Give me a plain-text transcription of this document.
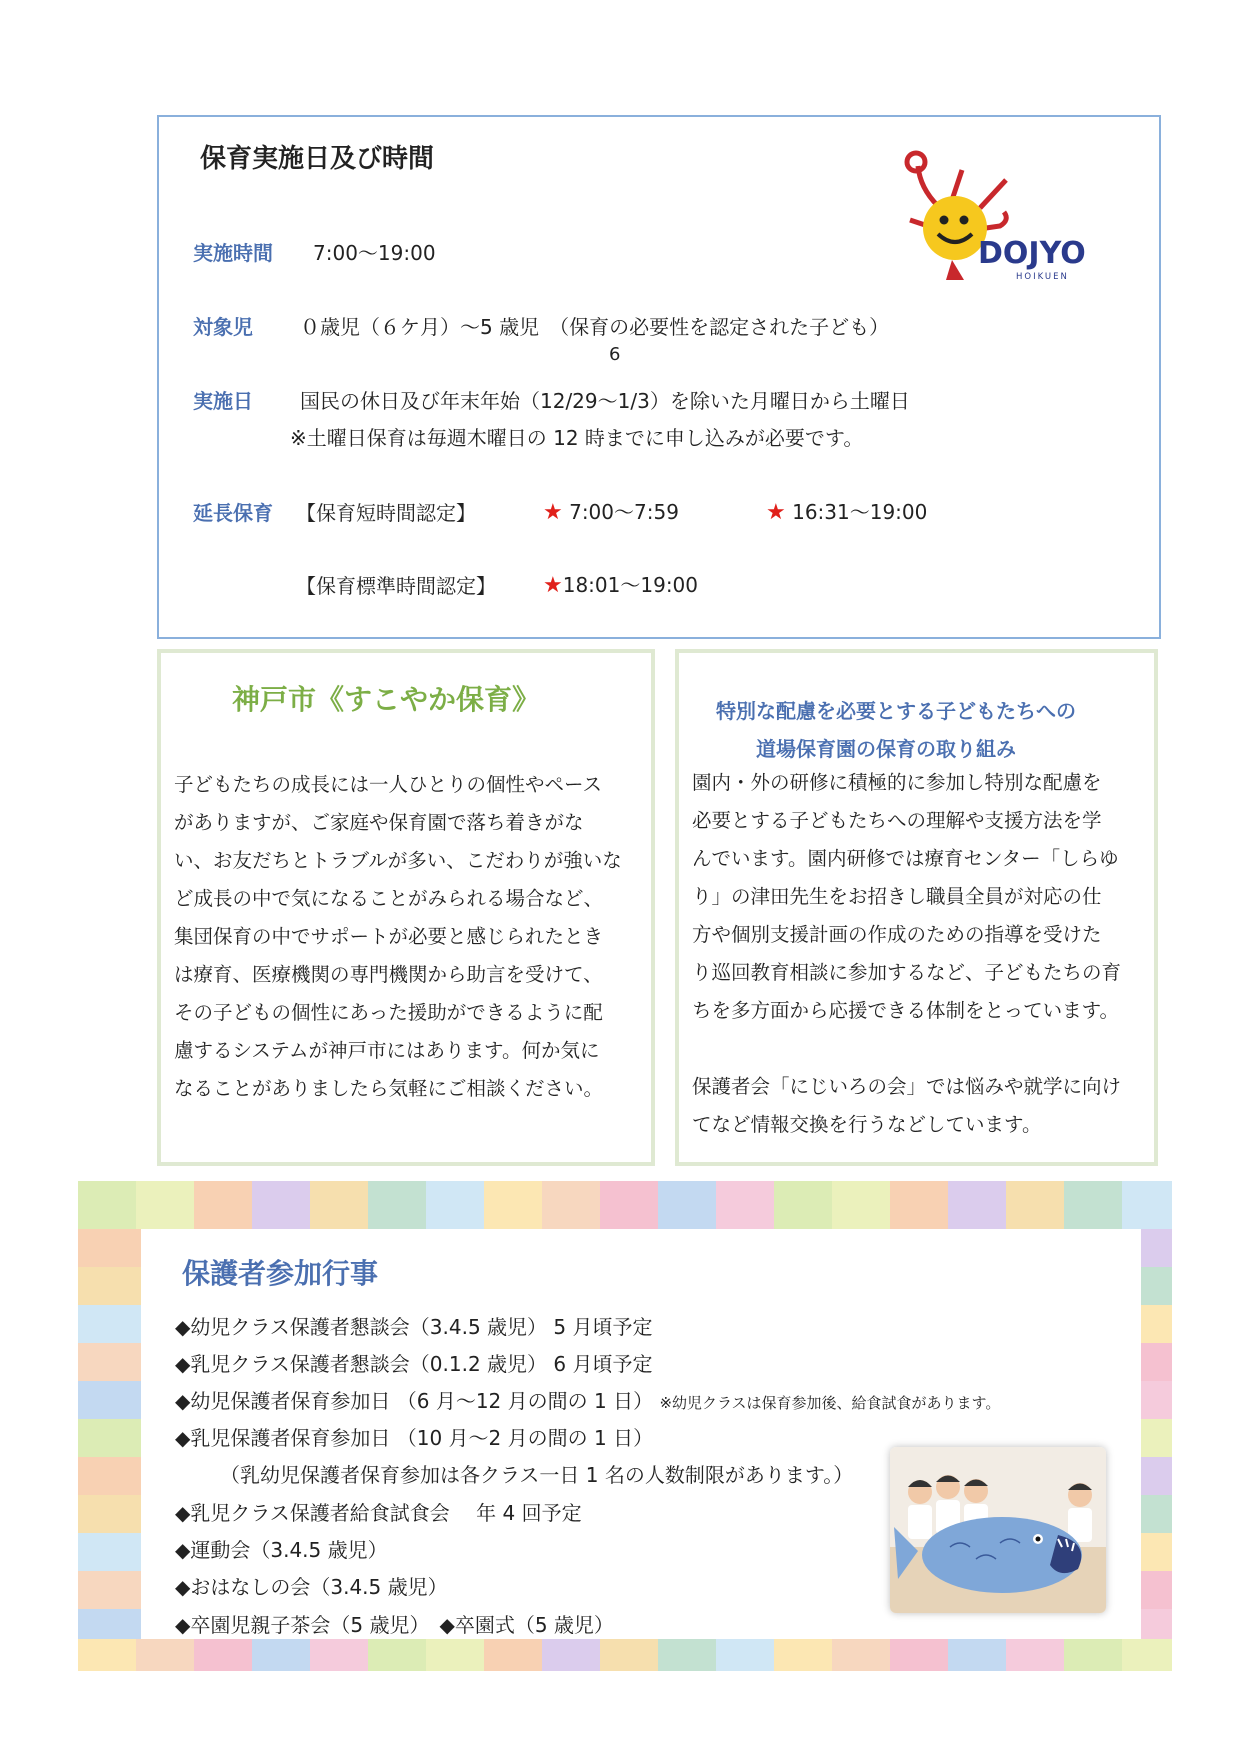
保育実施日及び時間
実施時間 7:00〜19:00
対象児 ０歳児（６ケ月）〜5 歳児　（保育の必要性を認定された子ども）
6
実施日 国民の休日及び年末年始（12/29〜1/3）を除いた月曜日から土曜日
※土曜日保育は毎週木曜日の 12 時までに申し込みが必要です。
延長保育 【保育短時間認定】	★ 7:00〜7:59	★ 16:31〜19:00
【保育標準時間認定】 ★18:01〜19:00
DOJYO
HOIKUEN
神戸市《すこやか保育》
子どもたちの成長には一人ひとりの個性やペース
がありますが、ご家庭や保育園で落ち着きがな
い、お友だちとトラブルが多い、こだわりが強いな
ど成長の中で気になることがみられる場合など、
集団保育の中でサポートが必要と感じられたとき
は療育、医療機関の専門機関から助言を受けて、
その子どもの個性にあった援助ができるように配
慮するシステムが神戸市にはあります。何か気に
なることがありましたら気軽にご相談ください。
特別な配慮を必要とする子どもたちへの
道場保育園の保育の取り組み
園内・外の研修に積極的に参加し特別な配慮を
必要とする子どもたちへの理解や支援方法を学
んでいます。園内研修では療育センター「しらゆ
り」の津田先生をお招きし職員全員が対応の仕
方や個別支援計画の作成のための指導を受けた
り巡回教育相談に参加するなど、子どもたちの育
ちを多方面から応援できる体制をとっています。
保護者会「にじいろの会」では悩みや就学に向け
てなど情報交換を行うなどしています。
保護者参加行事
◆幼児クラス保護者懇談会（3.4.5 歳児） 5 月頃予定
◆乳児クラス保護者懇談会（0.1.2 歳児） 6 月頃予定
◆幼児保護者保育参加日 （6 月〜12 月の間の 1 日） ※幼児クラスは保育参加後、給食試食があります。
◆乳児保護者保育参加日 （10 月〜2 月の間の 1 日）
（乳幼児保護者保育参加は各クラス一日 1 名の人数制限があります。）
◆乳児クラス保護者給食試食会　 年 4 回予定
◆運動会（3.4.5 歳児）
◆おはなしの会（3.4.5 歳児）
◆卒園児親子茶会（5 歳児）　◆卒園式（5 歳児）
